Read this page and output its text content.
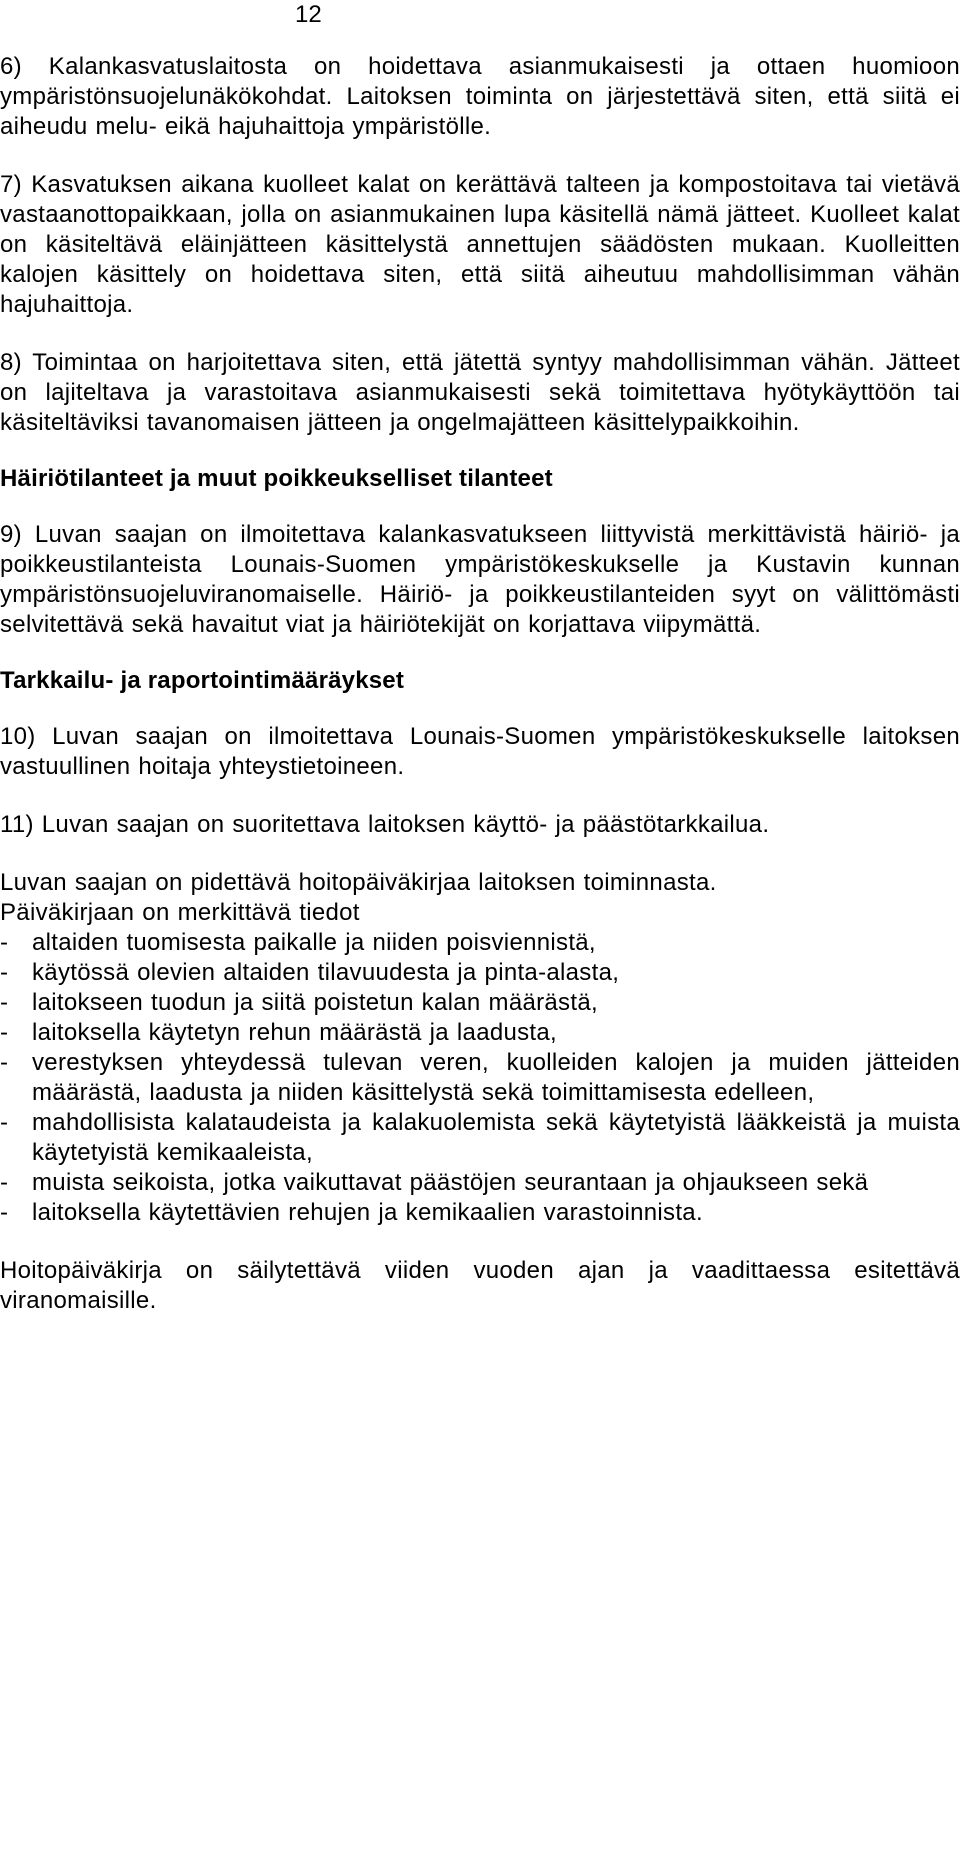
12

6) Kalankasvatuslaitosta on hoidettava asianmukaisesti ja ottaen huomioon ympäristönsuojelunäkökohdat. Laitoksen toiminta on järjestettävä siten, että siitä ei aiheudu melu- eikä hajuhaittoja ympäristölle.

7) Kasvatuksen aikana kuolleet kalat on kerättävä talteen ja kompostoitava tai vietävä vastaanottopaikkaan, jolla on asianmukainen lupa käsitellä nämä jätteet. Kuolleet kalat on käsiteltävä eläinjätteen käsittelystä annettujen säädösten mukaan. Kuolleitten kalojen käsittely on hoidettava siten, että siitä aiheutuu mahdollisimman vähän hajuhaittoja.

8) Toimintaa on harjoitettava siten, että jätettä syntyy mahdollisimman vähän. Jätteet on lajiteltava ja varastoitava asianmukaisesti sekä toimitettava hyötykäyttöön tai käsiteltäviksi tavanomaisen jätteen ja ongelmajätteen käsittelypaikkoihin.

Häiriötilanteet ja muut poikkeukselliset tilanteet

9) Luvan saajan on ilmoitettava kalankasvatukseen liittyvistä merkittävistä häiriö- ja poikkeustilanteista Lounais-Suomen ympäristökeskukselle ja Kustavin kunnan ympäristönsuojeluviranomaiselle. Häiriö- ja poikkeustilanteiden syyt on välittömästi selvitettävä sekä havaitut viat ja häiriötekijät on korjattava viipymättä.

Tarkkailu- ja raportointimääräykset

10) Luvan saajan on ilmoitettava Lounais-Suomen ympäristökeskukselle laitoksen vastuullinen hoitaja yhteystietoineen.

11) Luvan saajan on suoritettava laitoksen käyttö- ja päästötarkkailua.

Luvan saajan on pidettävä hoitopäiväkirjaa laitoksen toiminnasta.

Päiväkirjaan on merkittävä tiedot

- altaiden tuomisesta paikalle ja niiden poisviennistä,
- käytössä olevien altaiden tilavuudesta ja pinta-alasta,
- laitokseen tuodun ja siitä poistetun kalan määrästä,
- laitoksella käytetyn rehun määrästä ja laadusta,
- verestyksen yhteydessä tulevan veren, kuolleiden kalojen ja muiden jätteiden määrästä, laadusta ja niiden käsittelystä sekä toimittamisesta edelleen,
- mahdollisista kalataudeista ja kalakuolemista sekä käytetyistä lääkkeistä ja muista käytetyistä kemikaaleista,
- muista seikoista, jotka vaikuttavat päästöjen seurantaan ja ohjaukseen sekä
- laitoksella käytettävien rehujen ja kemikaalien varastoinnista.

Hoitopäiväkirja on säilytettävä viiden vuoden ajan ja vaadittaessa esitettävä viranomaisille.
